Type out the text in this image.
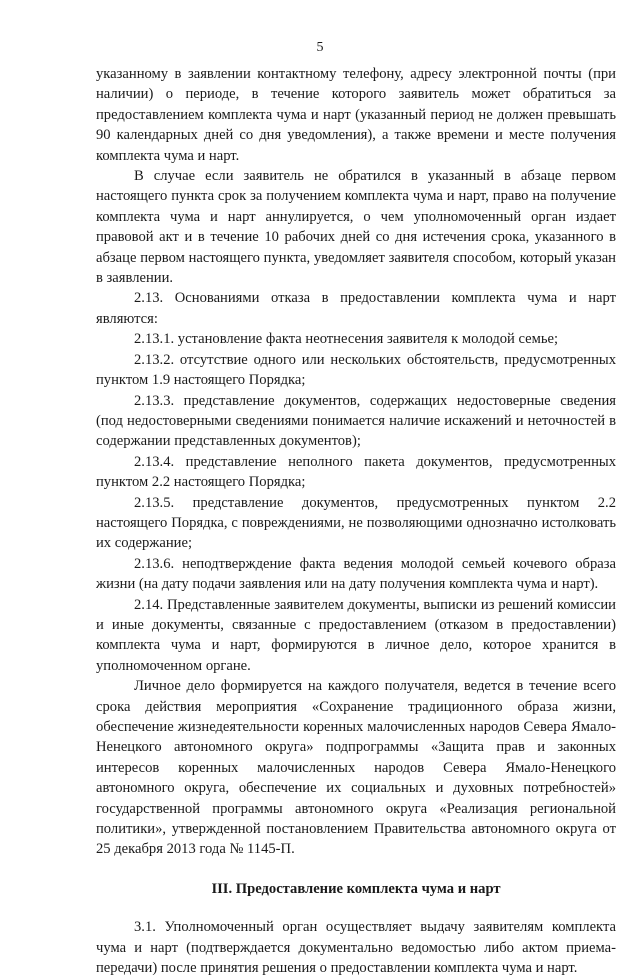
5

указанному в заявлении контактному телефону, адресу электронной почты (при наличии) о периоде, в течение которого заявитель может обратиться за предоставлением комплекта чума и нарт (указанный период не должен превышать 90 календарных дней со дня уведомления), а также времени и месте получения комплекта чума и нарт.

В случае если заявитель не обратился в указанный в абзаце первом настоящего пункта срок за получением комплекта чума и нарт, право на получение комплекта чума и нарт аннулируется, о чем уполномоченный орган издает правовой акт и в течение 10 рабочих дней со дня истечения срока, указанного в абзаце первом настоящего пункта, уведомляет заявителя способом, который указан в заявлении.

2.13. Основаниями отказа в предоставлении комплекта чума и нарт являются:

2.13.1. установление факта неотнесения заявителя к молодой семье;

2.13.2. отсутствие одного или нескольких обстоятельств, предусмотренных пунктом 1.9 настоящего Порядка;

2.13.3. представление документов, содержащих недостоверные сведения (под недостоверными сведениями понимается наличие искажений и неточностей в содержании представленных документов);

2.13.4. представление неполного пакета документов, предусмотренных пунктом 2.2 настоящего Порядка;

2.13.5. представление документов, предусмотренных пунктом 2.2 настоящего Порядка, с повреждениями, не позволяющими однозначно истолковать их содержание;

2.13.6. неподтверждение факта ведения молодой семьей кочевого образа жизни (на дату подачи заявления или на дату получения комплекта чума и нарт).

2.14. Представленные заявителем документы, выписки из решений комиссии и иные документы, связанные с предоставлением (отказом в предоставлении) комплекта чума и нарт, формируются в личное дело, которое хранится в уполномоченном органе.

Личное дело формируется на каждого получателя, ведется в течение всего срока действия мероприятия «Сохранение традиционного образа жизни, обеспечение жизнедеятельности коренных малочисленных народов Севера Ямало-Ненецкого автономного округа» подпрограммы «Защита прав и законных интересов коренных малочисленных народов Севера Ямало-Ненецкого автономного округа, обеспечение их социальных и духовных потребностей» государственной программы автономного округа «Реализация региональной политики», утвержденной постановлением Правительства автономного округа от 25 декабря 2013 года № 1145-П.

III. Предоставление комплекта чума и нарт

3.1. Уполномоченный орган осуществляет выдачу заявителям комплекта чума и нарт (подтверждается документально ведомостью либо актом приема-передачи) после принятия решения о предоставлении комплекта чума и нарт.
